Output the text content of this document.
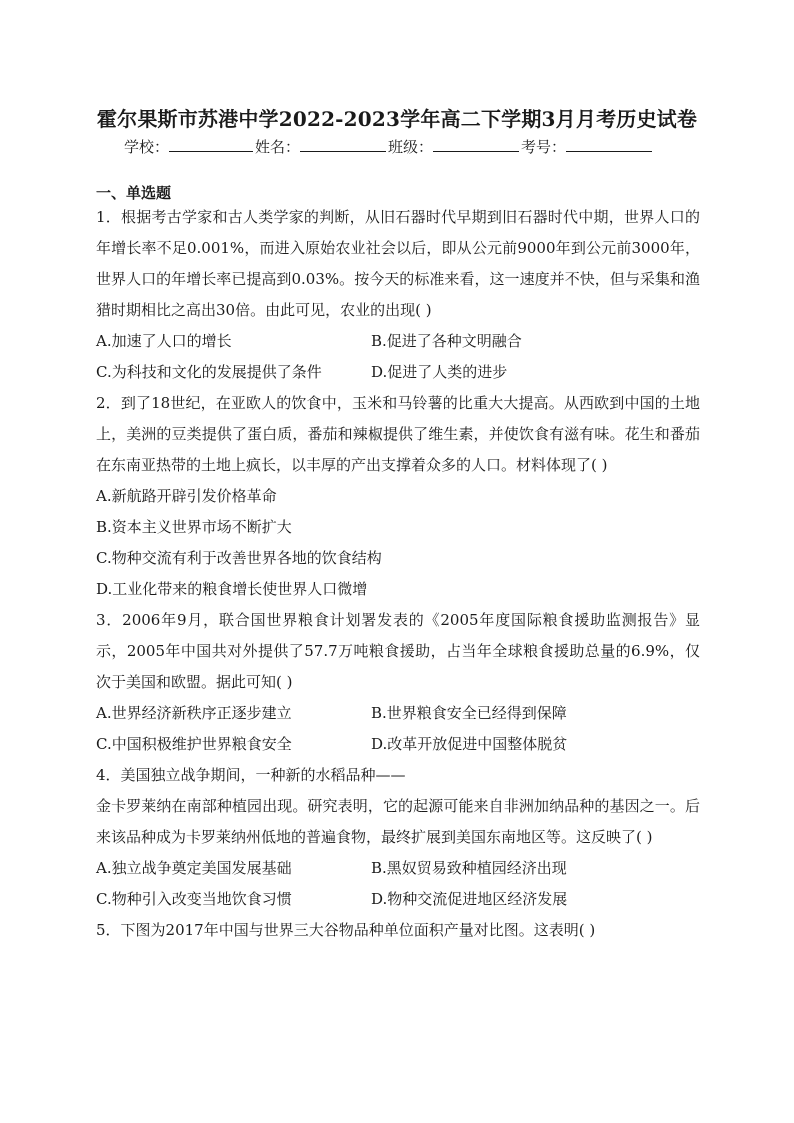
霍尔果斯市苏港中学2022-2023学年高二下学期3月月考历史试卷
学校：	姓名：	班级：	考号：
一、单选题

1．根据考古学家和古人类学家的判断，从旧石器时代早期到旧石器时代中期，世界人口的年增长率不足0.001%，而进入原始农业社会以后，即从公元前9000年到公元前3000年，世界人口的年增长率已提高到0.03%。按今天的标准来看，这一速度并不快，但与采集和渔猎时期相比之高出30倍。由此可见，农业的出现( )

A.加速了人口的增长	B.促进了各种文明融合
C.为科技和文化的发展提供了条件	D.促进了人类的进步

2．到了18世纪，在亚欧人的饮食中，玉米和马铃薯的比重大大提高。从西欧到中国的土地上，美洲的豆类提供了蛋白质，番茄和辣椒提供了维生素，并使饮食有滋有味。花生和番茄在东南亚热带的土地上疯长，以丰厚的产出支撑着众多的人口。材料体现了( )

A.新航路开辟引发价格革命
B.资本主义世界市场不断扩大
C.物种交流有利于改善世界各地的饮食结构
D.工业化带来的粮食增长使世界人口微增

3．2006年9月，联合国世界粮食计划署发表的《2005年度国际粮食援助监测报告》显示，2005年中国共对外提供了57.7万吨粮食援助，占当年全球粮食援助总量的6.9%，仅次于美国和欧盟。据此可知( )

A.世界经济新秩序正逐步建立	B.世界粮食安全已经得到保障
C.中国积极维护世界粮食安全	D.改革开放促进中国整体脱贫
4．美国独立战争期间，一种新的水稻品种——

金卡罗莱纳在南部种植园出现。研究表明，它的起源可能来自非洲加纳品种的基因之一。后来该品种成为卡罗莱纳州低地的普遍食物，最终扩展到美国东南地区等。这反映了( )

A.独立战争奠定美国发展基础	B.黑奴贸易致种植园经济出现
C.物种引入改变当地饮食习惯	D.物种交流促进地区经济发展

5．下图为2017年中国与世界三大谷物品种单位面积产量对比图。这表明( )
